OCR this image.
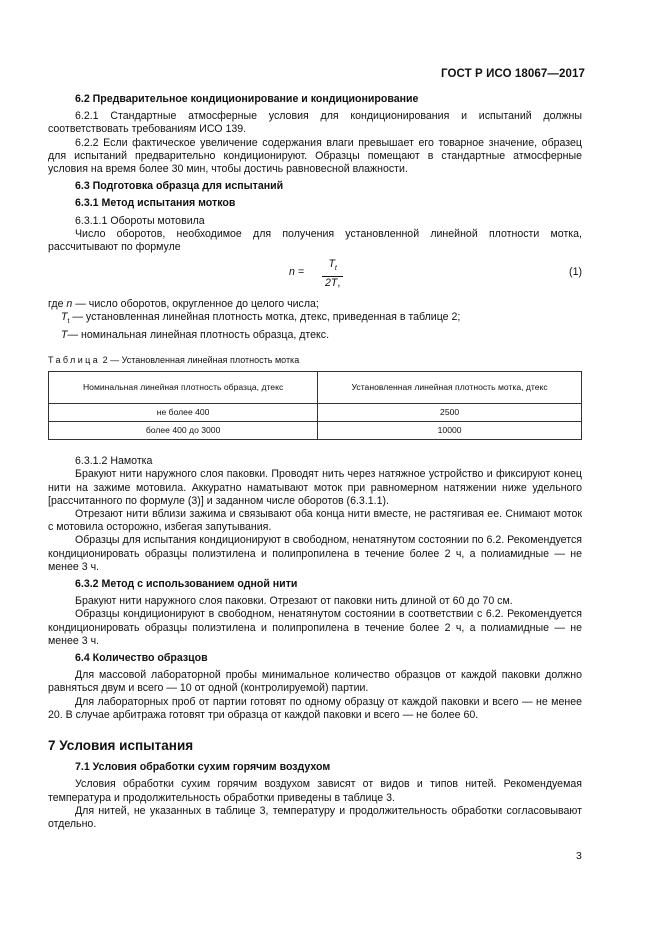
ГОСТ Р ИСО 18067—2017

6.2 Предварительное кондиционирование и кондиционирование

6.2.1 Стандартные атмосферные условия для кондиционирования и испытаний должны соответствовать требованиям ИСО 139.

6.2.2 Если фактическое увеличение содержания влаги превышает его товарное значение, образец для испытаний предварительно кондиционируют. Образцы помещают в стандартные атмосферные условия на время более 30 мин, чтобы достичь равновесной влажности.

6.3 Подготовка образца для испытаний

6.3.1 Метод испытания мотков

6.3.1.1 Обороты мотовила

Число оборотов, необходимое для получения установленной линейной плотности мотка, рассчитывают по формуле

$n = \frac{T_t}{2T,}$	(1)
где n — число оборотов, округленное до целого числа;
$T_t$ — установленная линейная плотность мотка, дтекс, приведенная в таблице 2;
T— номинальная линейная плотность образца, дтекс.
Таблица 2 — Установленная линейная плотность мотка
Номинальная линейная плотность образца, дтекс	Установленная линейная плотность мотка, дтекс
не более 400	2500
более 400 до 3000	10000

6.3.1.2 Намотка

Бракуют нити наружного слоя паковки. Проводят нить через натяжное устройство и фиксируют конец нити на зажиме мотовила. Аккуратно наматывают моток при равномерном натяжении ниже удельного [рассчитанного по формуле (3)] и заданном числе оборотов (6.3.1.1).

Отрезают нити вблизи зажима и связывают оба конца нити вместе, не растягивая ее. Снимают моток с мотовила осторожно, избегая запутывания.

Образцы для испытания кондиционируют в свободном, ненатянутом состоянии по 6.2. Рекомендуется кондиционировать образцы полиэтилена и полипропилена в течение более 2 ч, а полиамидные — не менее 3 ч.

6.3.2 Метод с использованием одной нити

Бракуют нити наружного слоя паковки. Отрезают от паковки нить длиной от 60 до 70 см.

Образцы кондиционируют в свободном, ненатянутом состоянии в соответствии с 6.2. Рекомендуется кондиционировать образцы полиэтилена и полипропилена в течение более 2 ч, а полиамидные — не менее 3 ч.

6.4 Количество образцов

Для массовой лабораторной пробы минимальное количество образцов от каждой паковки должно равняться двум и всего — 10 от одной (контролируемой) партии.

Для лабораторных проб от партии готовят по одному образцу от каждой паковки и всего — не менее 20. В случае арбитража готовят три образца от каждой паковки и всего — не более 60.

7 Условия испытания

7.1 Условия обработки сухим горячим воздухом

Условия обработки сухим горячим воздухом зависят от видов и типов нитей. Рекомендуемая температура и продолжительность обработки приведены в таблице 3.

Для нитей, не указанных в таблице 3, температуру и продолжительность обработки согласовывают отдельно.

3
